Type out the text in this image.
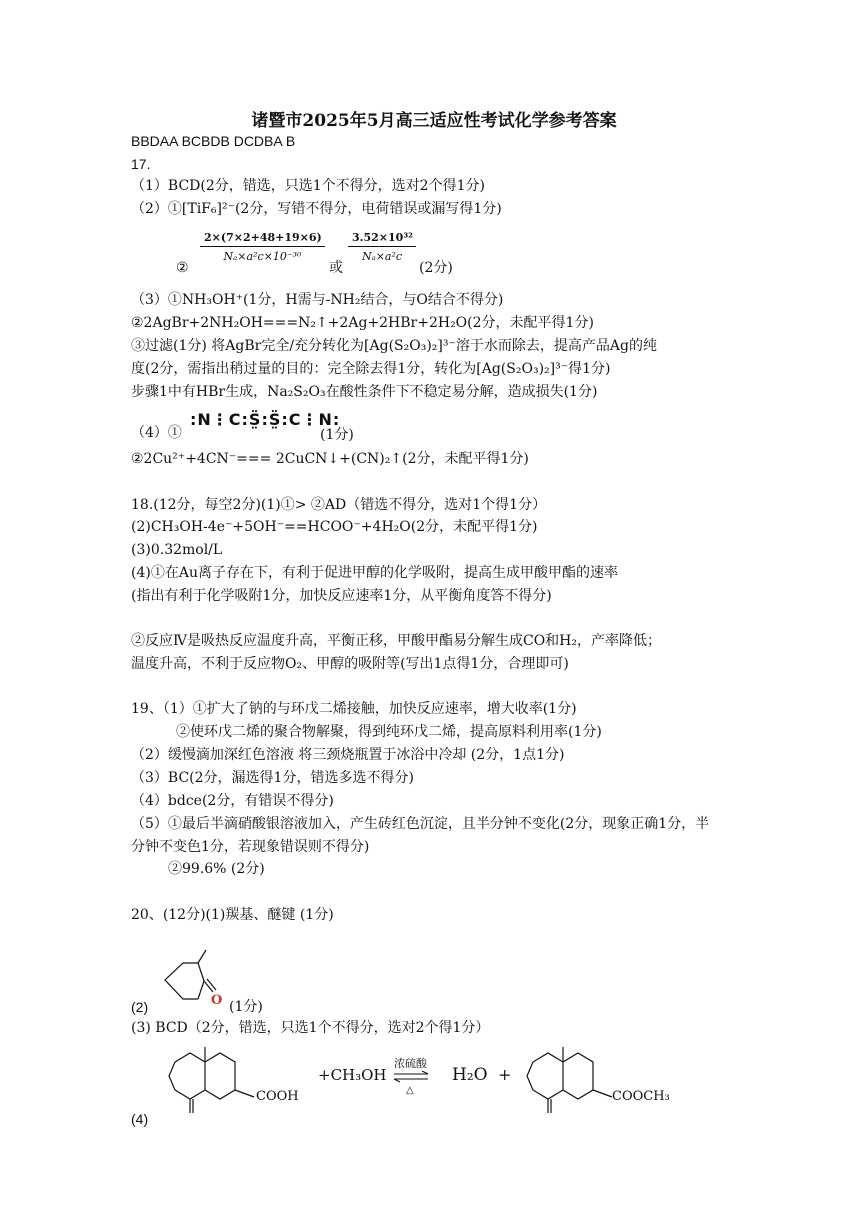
诸暨市2025年5月高三适应性考试化学参考答案
BBDAA BCBDB DCDBA B
17.
（1）BCD(2分，错选，只选1个不得分，选对2个得1分)
（2）①[TiF₆]²⁻(2分，写错不得分，电荷错误或漏写得1分)
②
$\frac{2\times(7\times 2+48+19\times 6)}{\text{Nₐ×a²c×10⁻³⁰}}$
或
$\frac{\text{3.52×10³²}}{\text{Nₐ×a²c}}$
(2分)
（3）①NH₃OH⁺(1分，H需与-NH₂结合，与O结合不得分)
②2AgBr+2NH₂OH===N₂↑+2Ag+2HBr+2H₂O(2分，未配平得1分)
③过滤(1分) 将AgBr完全/充分转化为[Ag(S₂O₃)₂]³⁻溶于水而除去，提高产品Ag的纯
度(2分，需指出稍过量的目的：完全除去得1分，转化为[Ag(S₂O₃)₂]³⁻得1分)
步骤1中有HBr生成，Na₂S₂O₃在酸性条件下不稳定易分解，造成损失(1分)
（4）①
:N⋮C:S̤̈:S̤̈:C⋮N:
(1分)
②2Cu²⁺+4CN⁻=== 2CuCN↓+(CN)₂↑(2分，未配平得1分)
18.(12分，每空2分)(1)①> ②AD（错选不得分，选对1个得1分）
(2)CH₃OH-4e⁻+5OH⁻==HCOO⁻+4H₂O(2分，未配平得1分)
(3)0.32mol/L
(4)①在Au离子存在下，有利于促进甲醇的化学吸附，提高生成甲酸甲酯的速率
(指出有利于化学吸附1分，加快反应速率1分，从平衡角度答不得分)
②反应Ⅳ是吸热反应温度升高，平衡正移，甲酸甲酯易分解生成CO和H₂，产率降低；
温度升高，不利于反应物O₂、甲醇的吸附等(写出1点得1分，合理即可)
19、（1）①扩大了钠的与环戊二烯接触，加快反应速率，增大收率(1分)
②使环戊二烯的聚合物解聚，得到纯环戊二烯，提高原料利用率(1分)
（2）缓慢滴加深红色溶液 将三颈烧瓶置于冰浴中冷却 (2分，1点1分)
（3）BC(2分，漏选得1分，错选多选不得分)
（4）bdce(2分，有错误不得分)
（5）①最后半滴硝酸银溶液加入，产生砖红色沉淀，且半分钟不变化(2分，现象正确1分，半
分钟不变色1分，若现象错误则不得分)
②99.6% (2分)
20、(12分)(1)羰基、醚键 (1分)
O
(2)	(1分)
(3) BCD（2分，错选，只选1个不得分，选对2个得1分）
COOH
+CH₃OH
浓硫酸
△
H₂O +
COOCH₃
(4)
